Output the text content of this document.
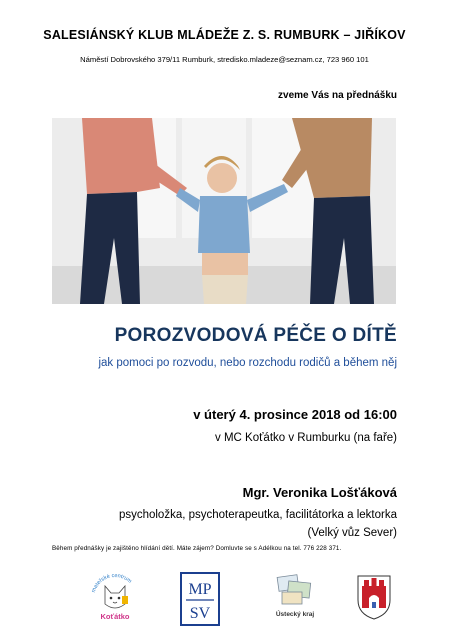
SALESIÁNSKÝ KLUB MLÁDEŽE Z. S. RUMBURK – JIŘÍKOV
Náměstí Dobrovského 379/11 Rumburk, stredisko.mladeze@seznam.cz, 723 960 101
zveme Vás na přednášku
POROZVODOVÁ PÉČE O DÍTĚ
jak pomoci po rozvodu, nebo rozchodu rodičů a během něj
v úterý 4. prosince 2018 od 16:00
v MC Koťátko v Rumburku (na faře)
Mgr. Veronika Lošťáková
psycholožka, psychoterapeutka, facilitátorka a lektorka
(Velký vůz Sever)
Během přednášky je zajištěno hlídání dětí. Máte zájem? Domluvte se s Adélkou na tel. 776 228 371.
mateřské centrum
Koťátko
MP
SV	Ústecký kraj
